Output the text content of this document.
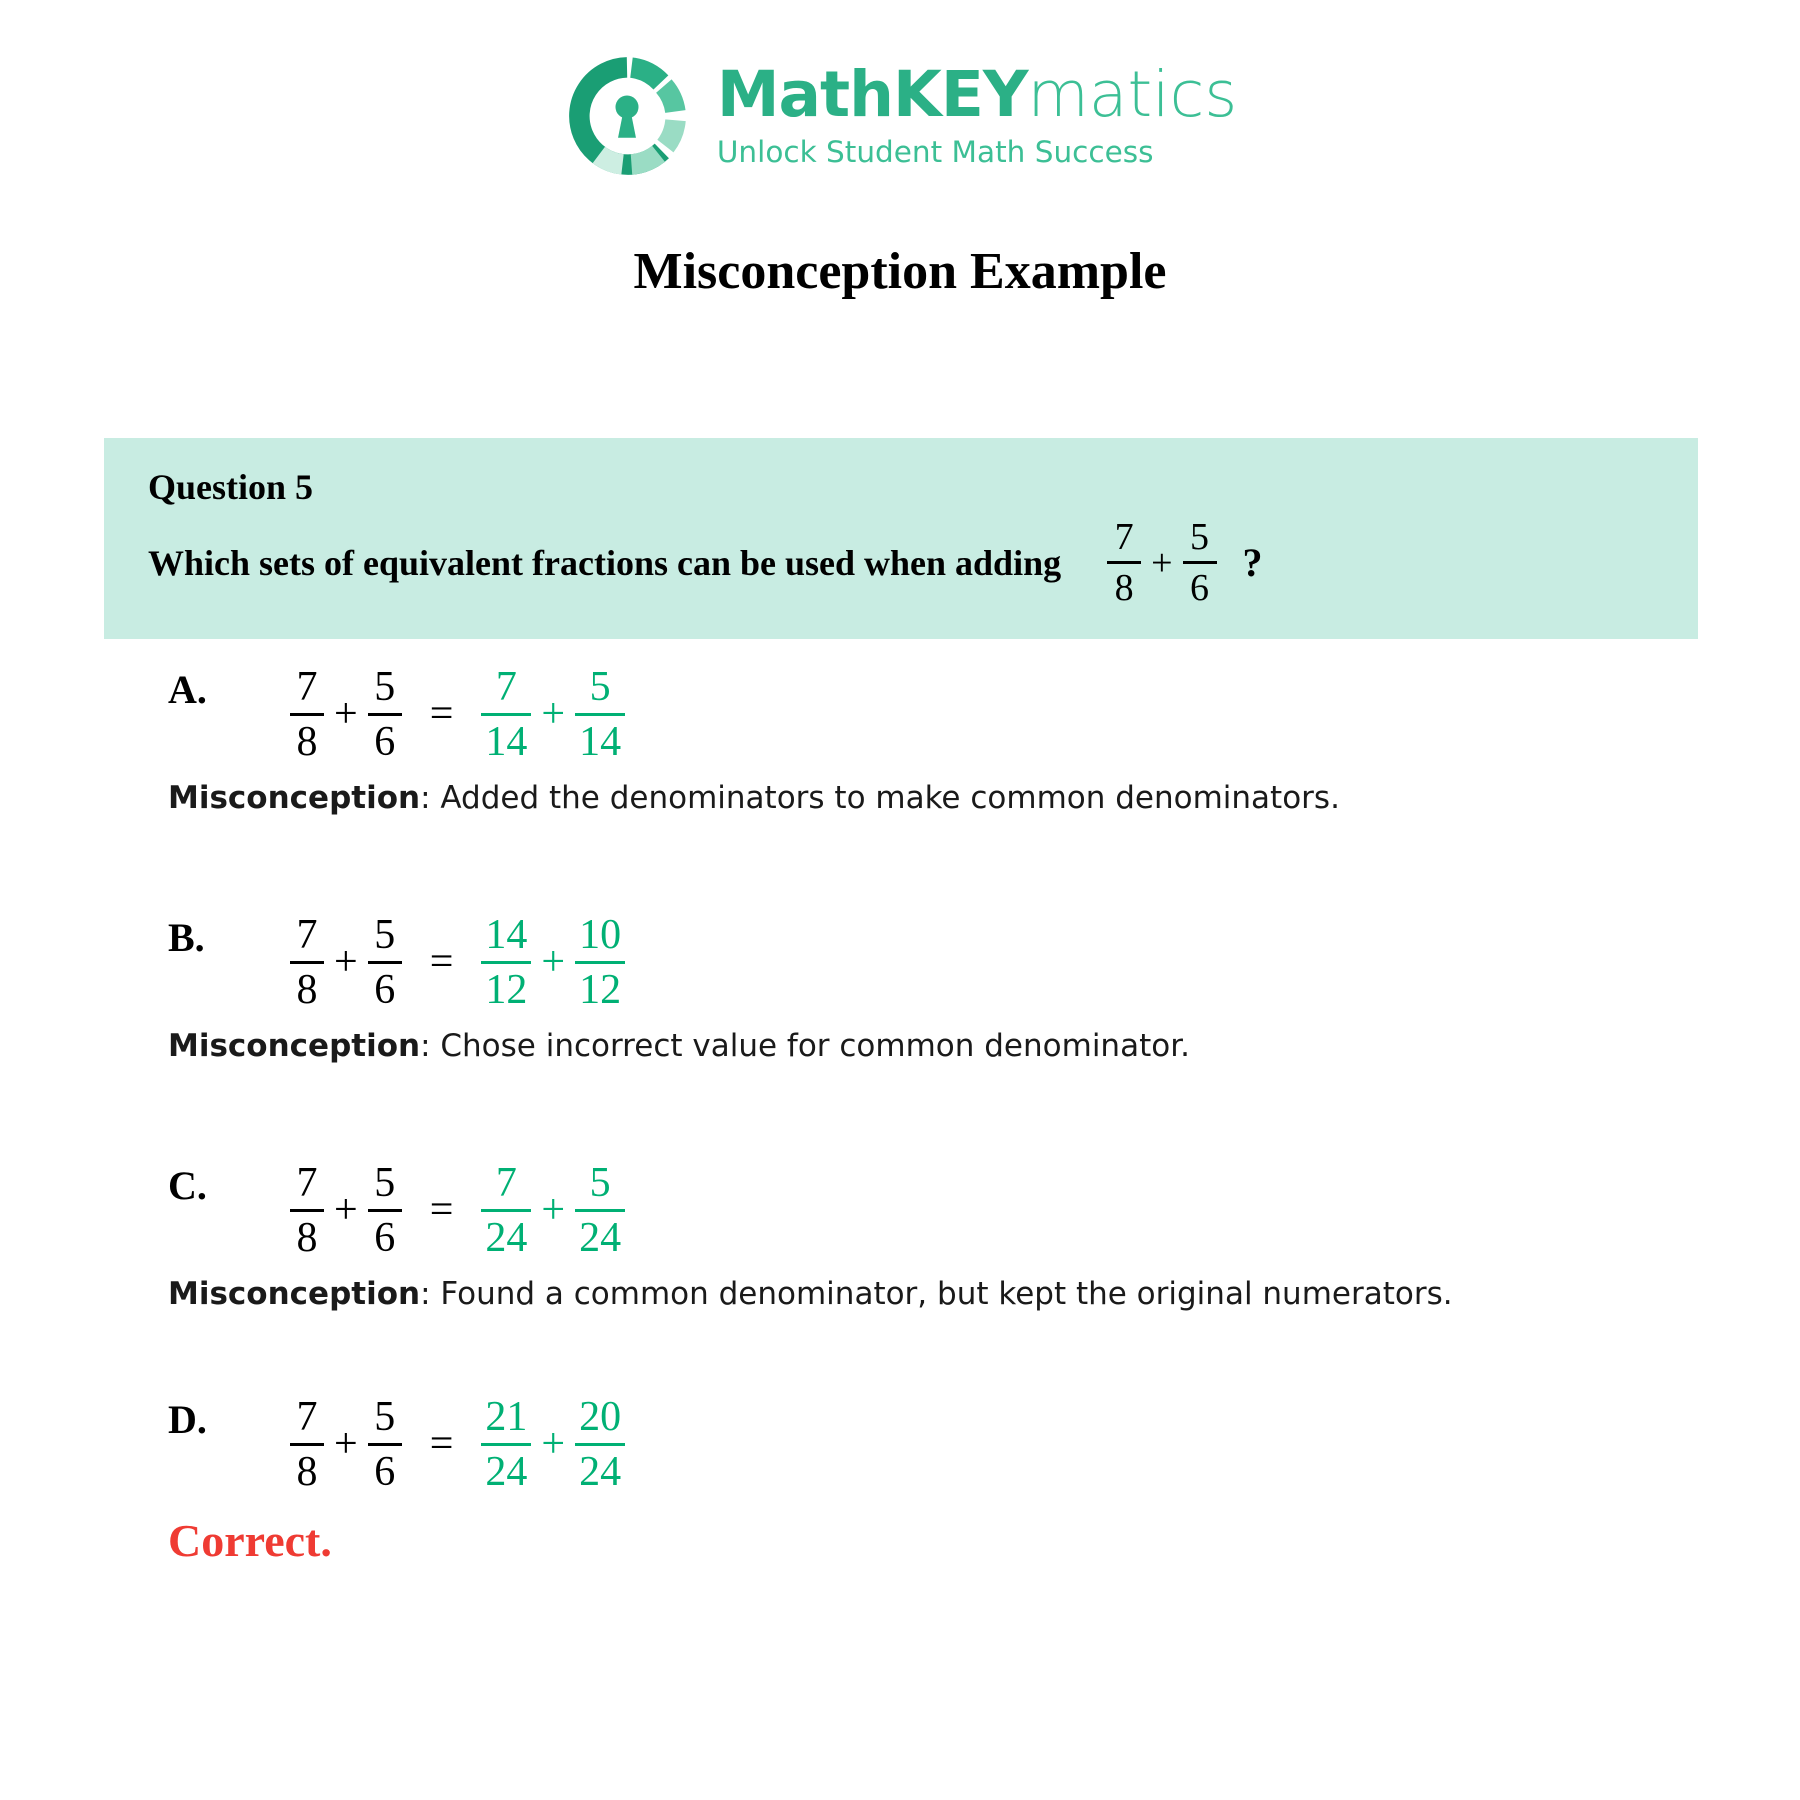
MathKEYmatics
Unlock Student Math Success
Misconception Example
Question 5
Which sets of equivalent fractions can be used when adding $\frac{7}{8} + \frac{5}{6}$ ?
A. $\frac{7}{8} + \frac{5}{6} = \frac{7}{14} + \frac{5}{14}$
Misconception: Added the denominators to make common denominators.
B. $\frac{7}{8} + \frac{5}{6} = \frac{14}{12} + \frac{10}{12}$
Misconception: Chose incorrect value for common denominator.
C. $\frac{7}{8} + \frac{5}{6} = \frac{7}{24} + \frac{5}{24}$
Misconception: Found a common denominator, but kept the original numerators.
D. $\frac{7}{8} + \frac{5}{6} = \frac{21}{24} + \frac{20}{24}$
Correct.
